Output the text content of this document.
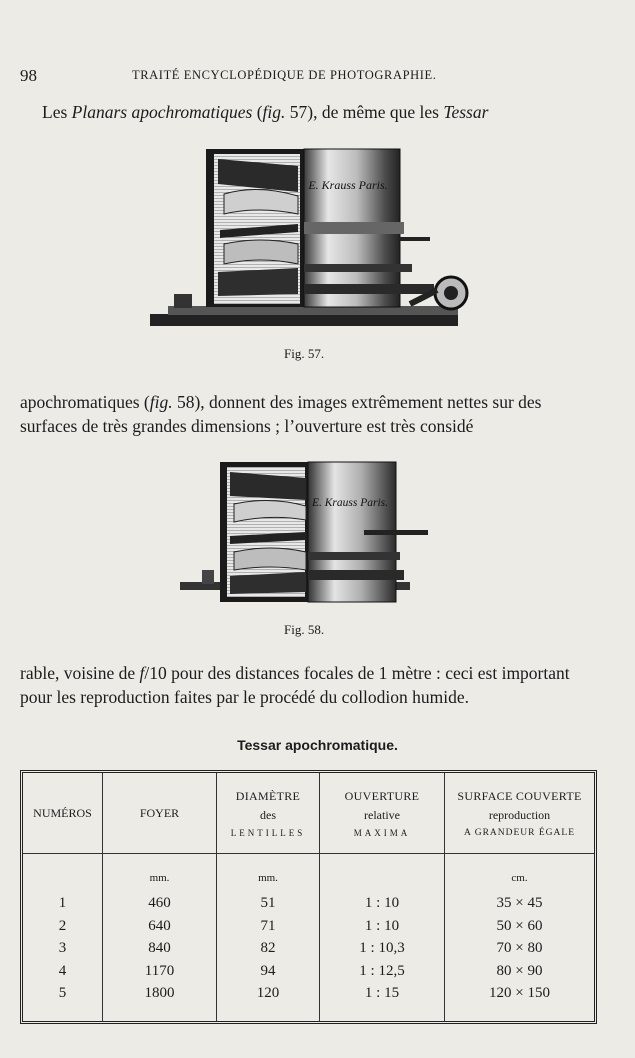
98	TRAITÉ ENCYCLOPÉDIQUE DE PHOTOGRAPHIE.
Les Planars apochromatiques (fig. 57), de même que les Tessar
E. Krauss Paris.
Fig. 57.
apochromatiques (fig. 58), donnent des images extrêmement nettes sur des surfaces de très grandes dimensions ; l’ouverture est très considé
E. Krauss Paris.
Fig. 58.
rable, voisine de f/10 pour des distances focales de 1 mètre : ceci est important pour les reproduction faites par le procédé du collodion humide.
Tessar apochromatique.
NUMÉROS	FOYER
DIAMÈTRE
des
LENTILLES
OUVERTURE
relative
MAXIMA
SURFACE COUVERTE
reproduction
A GRANDEUR ÉGALE
1
2
3
4
5
mm.
460
640
840
1170
1800
mm.
51
71
82
94
120
1 : 10
1 : 10
1 : 10,3
1 : 12,5
1 : 15
cm.
35 × 45
50 × 60
70 × 80
80 × 90
120 × 150
